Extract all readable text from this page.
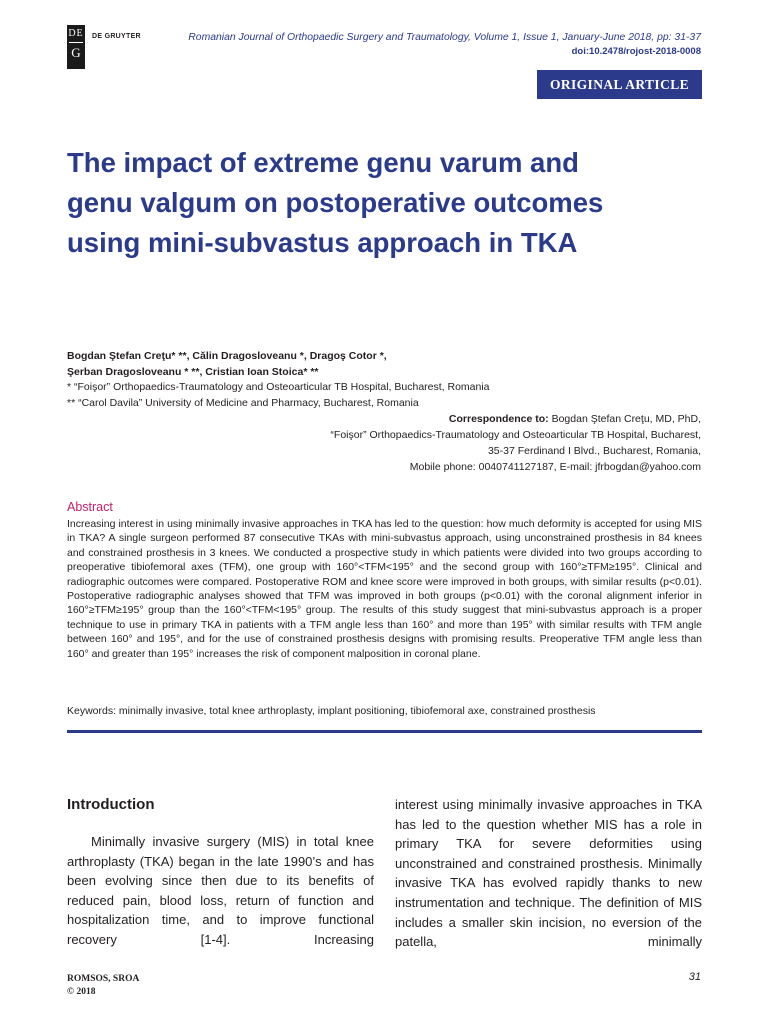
DE
G
DE GRUYTER	Romanian Journal of Orthopaedic Surgery and Traumatology, Volume 1, Issue 1, January-June 2018, pp: 31-37
doi:10.2478/rojost-2018-0008
ORIGINAL ARTICLE
The impact of extreme genu varum and genu valgum on postoperative outcomes using mini-subvastus approach in TKA
Bogdan Ştefan Creţu* **, Călin Dragosloveanu *, Dragoş Cotor *,
Şerban Dragosloveanu * **, Cristian Ioan Stoica* **
* “Foişor” Orthopaedics-Traumatology and Osteoarticular TB Hospital, Bucharest, Romania
** “Carol Davila” University of Medicine and Pharmacy, Bucharest, Romania
Correspondence to: Bogdan Ştefan Creţu, MD, PhD,
“Foişor” Orthopaedics-Traumatology and Osteoarticular TB Hospital, Bucharest,
35-37 Ferdinand I Blvd., Bucharest, Romania,
Mobile phone: 0040741127187, E-mail: jfrbogdan@yahoo.com
Abstract

Increasing interest in using minimally invasive approaches in TKA has led to the question: how much deformity is accepted for using MIS in TKA? A single surgeon performed 87 consecutive TKAs with mini-subvastus approach, using unconstrained prosthesis in 84 knees and constrained prosthesis in 3 knees. We conducted a prospective study in which patients were divided into two groups according to preoperative tibiofemoral axes (TFM), one group with 160°<TFM<195° and the second group with 160°≥TFM≥195°. Clinical and radiographic outcomes were compared. Postoperative ROM and knee score were improved in both groups, with similar results (p<0.01). Postoperative radiographic analyses showed that TFM was improved in both groups (p<0.01) with the coronal alignment inferior in 160°≥TFM≥195° group than the 160°<TFM<195° group. The results of this study suggest that mini-subvastus approach is a proper technique to use in primary TKA in patients with a TFM angle less than 160° and more than 195° with similar results with TFM angle between 160° and 195°, and for the use of constrained prosthesis designs with promising results. Preoperative TFM angle less than 160° and greater than 195° increases the risk of component malposition in coronal plane.

Keywords: minimally invasive, total knee arthroplasty, implant positioning, tibiofemoral axe, constrained prosthesis
Introduction

Minimally invasive surgery (MIS) in total knee arthroplasty (TKA) began in the late 1990’s and has been evolving since then due to its benefits of reduced pain, blood loss, return of function and hospitalization time, and to improve functional recovery [1-4]. Increasing

interest using minimally invasive approaches in TKA has led to the question whether MIS has a role in primary TKA for severe deformities using unconstrained and constrained prosthesis. Minimally invasive TKA has evolved rapidly thanks to new instrumentation and technique. The definition of MIS includes a smaller skin incision, no eversion of the patella, minimally

ROMSOS, SROA
© 2018
31
